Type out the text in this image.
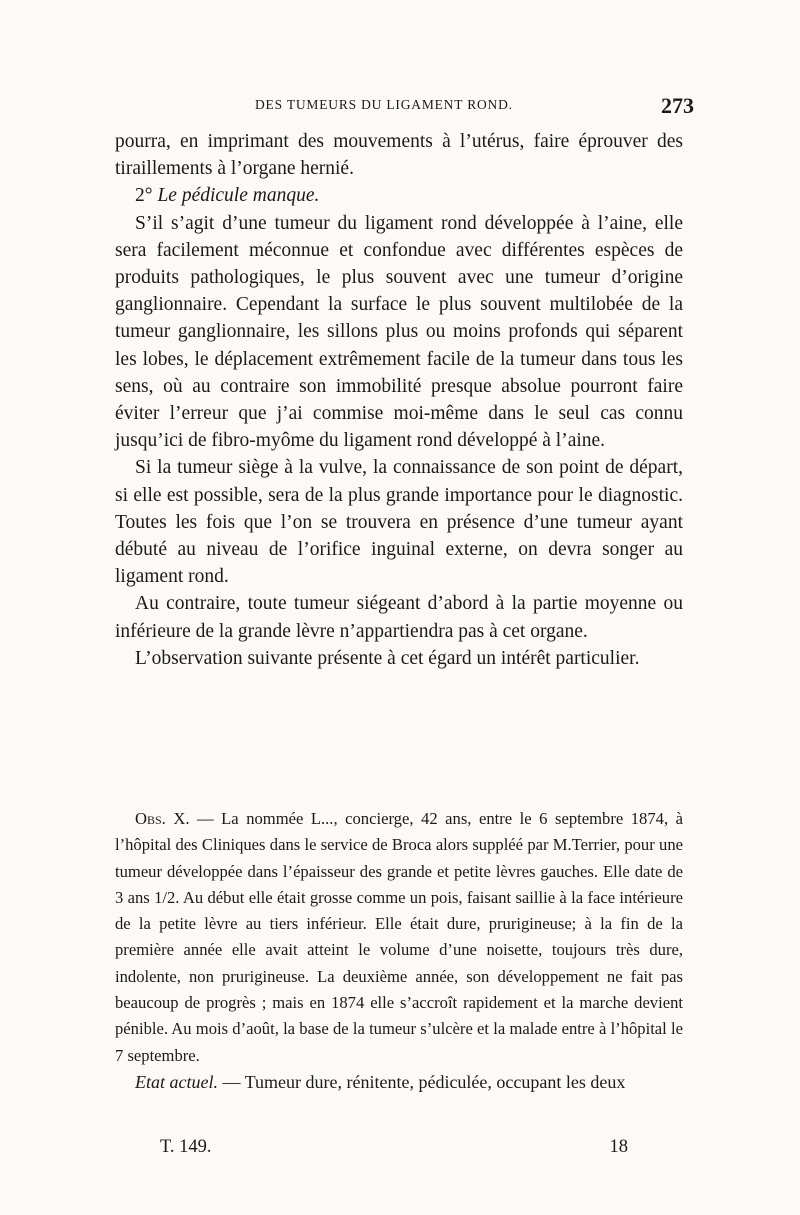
DES TUMEURS DU LIGAMENT ROND.	273

pourra, en imprimant des mouvements à l’utérus, faire éprouver des tiraillements à l’organe hernié.

2° Le pédicule manque.

S’il s’agit d’une tumeur du ligament rond développée à l’aine, elle sera facilement méconnue et confondue avec différentes espèces de produits pathologiques, le plus souvent avec une tumeur d’origine ganglionnaire. Cependant la surface le plus souvent multilobée de la tumeur ganglionnaire, les sillons plus ou moins profonds qui séparent les lobes, le déplacement extrêmement facile de la tumeur dans tous les sens, où au contraire son immobilité presque absolue pourront faire éviter l’erreur que j’ai commise moi-même dans le seul cas connu jusqu’ici de fibro-myôme du ligament rond développé à l’aine.

Si la tumeur siège à la vulve, la connaissance de son point de départ, si elle est possible, sera de la plus grande importance pour le diagnostic. Toutes les fois que l’on se trouvera en présence d’une tumeur ayant débuté au niveau de l’orifice inguinal externe, on devra songer au ligament rond.

Au contraire, toute tumeur siégeant d’abord à la partie moyenne ou inférieure de la grande lèvre n’appartiendra pas à cet organe.

L’observation suivante présente à cet égard un intérêt particulier.

Obs. X. — La nommée L..., concierge, 42 ans, entre le 6 septembre 1874, à l’hôpital des Cliniques dans le service de Broca alors suppléé par M.Terrier, pour une tumeur développée dans l’épaisseur des grande et petite lèvres gauches. Elle date de 3 ans 1/2. Au début elle était grosse comme un pois, faisant saillie à la face intérieure de la petite lèvre au tiers inférieur. Elle était dure, prurigineuse; à la fin de la première année elle avait atteint le volume d’une noisette, toujours très dure, indolente, non prurigineuse. La deuxième année, son développement ne fait pas beaucoup de progrès ; mais en 1874 elle s’accroît rapidement et la marche devient pénible. Au mois d’août, la base de la tumeur s’ulcère et la malade entre à l’hôpital le 7 septembre.

Etat actuel. — Tumeur dure, rénitente, pédiculée, occupant les deux

T. 149.	18
